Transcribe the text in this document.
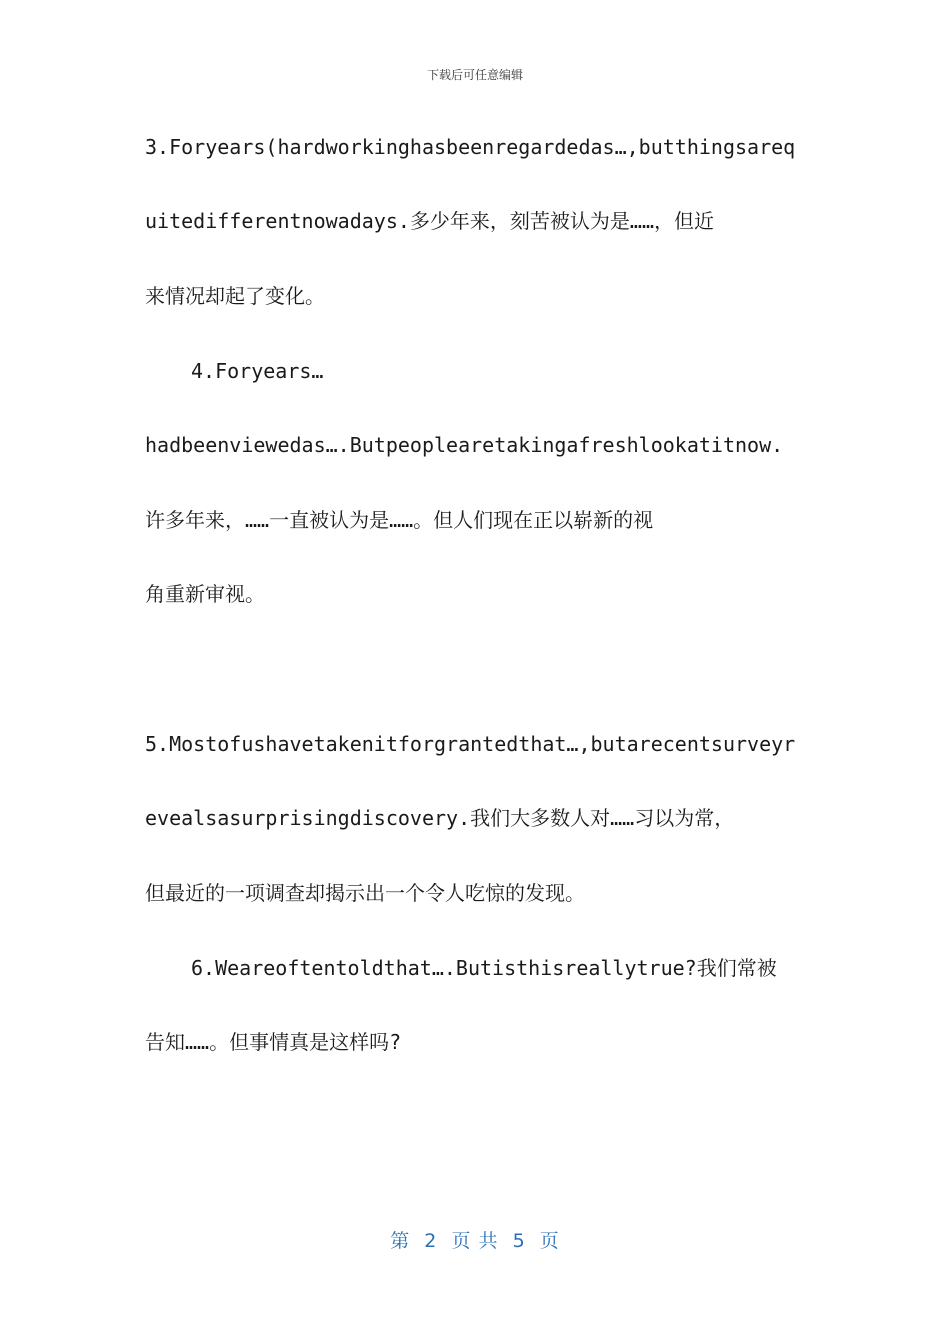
下载后可任意编辑
3.Foryears(hardworkinghasbeenregardedas…,butthingsareq
uitedifferentnowadays.多少年来，刻苦被认为是……，但近
来情况却起了变化。
4.Foryears…
hadbeenviewedas….Butpeoplearetakingafreshlookatitnow.
许多年来，……一直被认为是……。但人们现在正以崭新的视
角重新审视。
5.Mostofushavetakenitforgrantedthat…,butarecentsurveyr
evealsasurprisingdiscovery.我们大多数人对……习以为常，
但最近的一项调查却揭示出一个令人吃惊的发现。
6.Weareoftentoldthat….Butisthisreallytrue?我们常被
告知……。但事情真是这样吗?
第  2  页 共  5  页
